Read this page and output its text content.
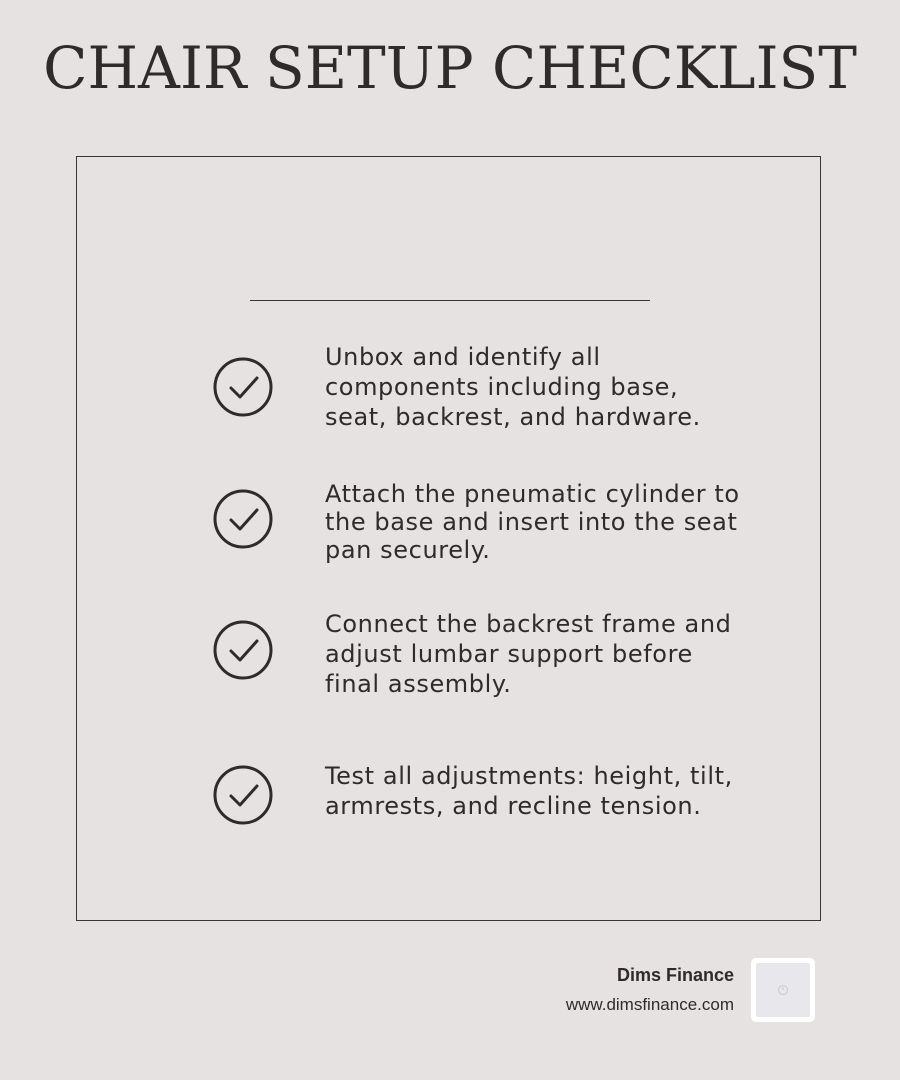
CHAIR SETUP CHECKLIST

Unbox and identify all components including base, seat, backrest, and hardware.

Attach the pneumatic cylinder to the base and insert into the seat pan securely.

Connect the backrest frame and adjust lumbar support before final assembly.

Test all adjustments: height, tilt, armrests, and recline tension.

Dims Finance
www.dimsfinance.com
